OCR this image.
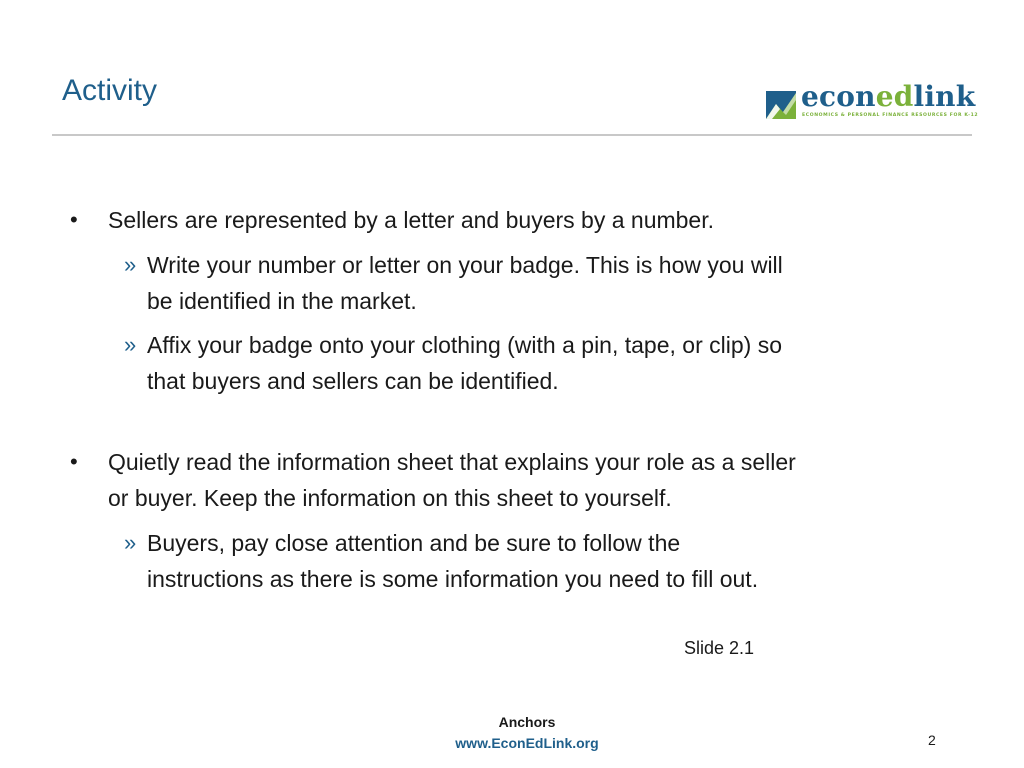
Activity	econedlink
ECONOMICS & PERSONAL FINANCE RESOURCES FOR K-12
• Sellers are represented by a letter and buyers by a number.
» Write your number or letter on your badge. This is how you will
be identified in the market.
» Affix your badge onto your clothing (with a pin, tape, or clip) so
that buyers and sellers can be identified.
• Quietly read the information sheet that explains your role as a seller
or buyer. Keep the information on this sheet to yourself.
» Buyers, pay close attention and be sure to follow the
instructions as there is some information you need to fill out.
Slide 2.1
Anchors
www.EconEdLink.org	2
